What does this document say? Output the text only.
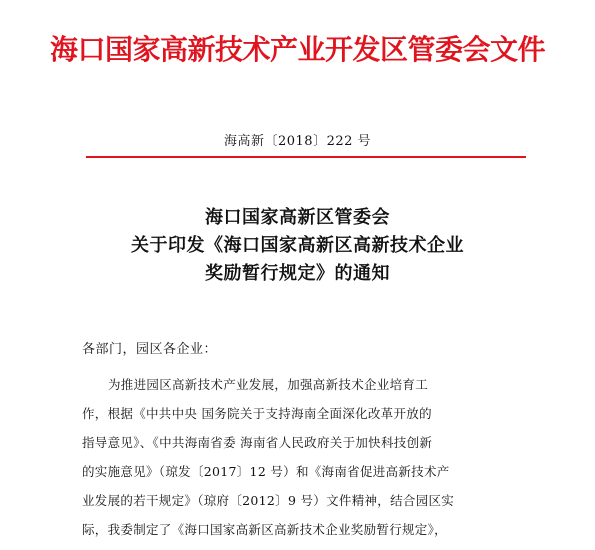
海口国家高新技术产业开发区管委会文件
海高新〔2018〕222 号
海口国家高新区管委会
关于印发《海口国家高新区高新技术企业
奖励暂行规定》的通知
各部门，园区各企业：
为推进园区高新技术产业发展，加强高新技术企业培育工
作，根据《中共中央 国务院关于支持海南全面深化改革开放的
指导意见》、《中共海南省委 海南省人民政府关于加快科技创新
的实施意见》（琼发〔2017〕12 号）和《海南省促进高新技术产
业发展的若干规定》（琼府〔2012〕9 号）文件精神，结合园区实
际，我委制定了《海口国家高新区高新技术企业奖励暂行规定》，
